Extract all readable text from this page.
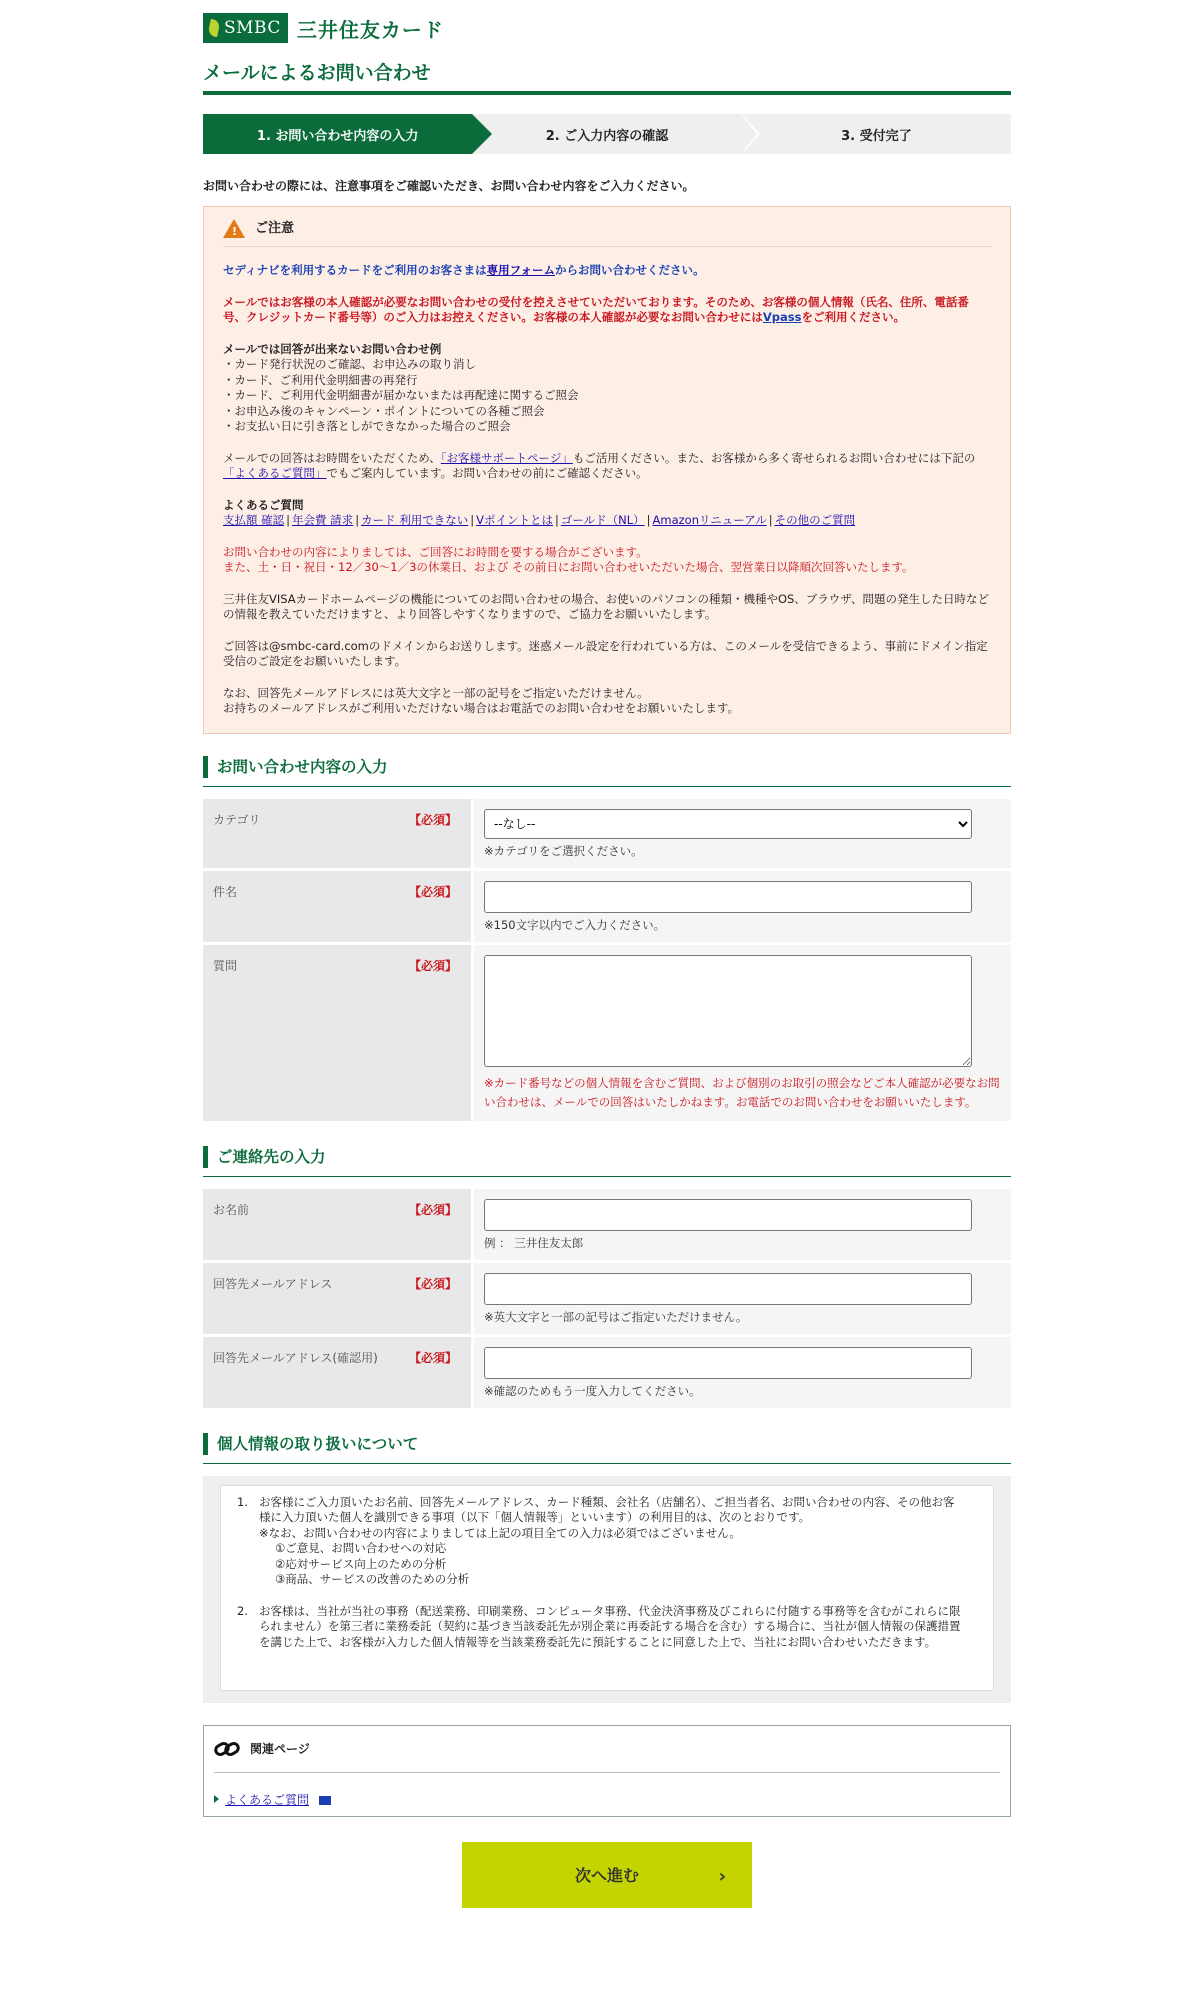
SMBC 三井住友カード
メールによるお問い合わせ
1. お問い合わせ内容の入力	2. ご入力内容の確認	3. 受付完了

お問い合わせの際には、注意事項をご確認いただき、お問い合わせ内容をご入力ください。

! ご注意

セディナビを利用するカードをご利用のお客さまは専用フォームからお問い合わせください。

メールではお客様の本人確認が必要なお問い合わせの受付を控えさせていただいております。そのため、お客様の個人情報（氏名、住所、電話番号、クレジットカード番号等）のご入力はお控えください。お客様の本人確認が必要なお問い合わせにはVpassをご利用ください。

メールでは回答が出来ないお問い合わせ例

・カード発行状況のご確認、お申込みの取り消し

・カード、ご利用代金明細書の再発行

・カード、ご利用代金明細書が届かないまたは再配達に関するご照会

・お申込み後のキャンペーン・ポイントについての各種ご照会

・お支払い日に引き落としができなかった場合のご照会

メールでの回答はお時間をいただくため、「お客様サポートページ」もご活用ください。また、お客様から多く寄せられるお問い合わせには下記の「よくあるご質問」でもご案内しています。お問い合わせの前にご確認ください。

よくあるご質問

支払額 確認 | 年会費 請求 | カード 利用できない | Vポイントとは | ゴールド（NL） | Amazonリニューアル | その他のご質問

お問い合わせの内容によりましては、ご回答にお時間を要する場合がございます。

また、土・日・祝日・12／30〜1／3の休業日、および その前日にお問い合わせいただいた場合、翌営業日以降順次回答いたします。

三井住友VISAカードホームページの機能についてのお問い合わせの場合、お使いのパソコンの種類・機種やOS、ブラウザ、問題の発生した日時などの情報を教えていただけますと、より回答しやすくなりますので、ご協力をお願いいたします。

ご回答は@smbc-card.comのドメインからお送りします。迷惑メール設定を行われている方は、このメールを受信できるよう、事前にドメイン指定受信のご設定をお願いいたします。

なお、回答先メールアドレスには英大文字と一部の記号をご指定いただけません。

お持ちのメールアドレスがご利用いただけない場合はお電話でのお問い合わせをお願いいたします。

お問い合わせ内容の入力
カテゴリ	【必須】
--なし--

※カテゴリをご選択ください。

件名	【必須】

※150文字以内でご入力ください。

質問	【必須】

※カード番号などの個人情報を含むご質問、および個別のお取引の照会などご本人確認が必要なお問い合わせは、メールでの回答はいたしかねます。お電話でのお問い合わせをお願いいたします。

ご連絡先の入力
お名前	【必須】

例 ： 三井住友太郎

回答先メールアドレス	【必須】

※英大文字と一部の記号はご指定いただけません。

回答先メールアドレス(確認用)	【必須】

※確認のためもう一度入力してください。

個人情報の取り扱いについて
1. お客様にご入力頂いたお名前、回答先メールアドレス、カード種類、会社名（店舗名）、ご担当者名、お問い合わせの内容、その他お客様に入力頂いた個人を識別できる事項（以下「個人情報等」といいます）の利用目的は、次のとおりです。

※なお、お問い合わせの内容によりましては上記の項目全ての入力は必須ではございません。

①ご意見、お問い合わせへの対応

②応対サービス向上のための分析

③商品、サービスの改善のための分析

2. お客様は、当社が当社の事務（配送業務、印刷業務、コンピュータ事務、代金決済事務及びこれらに付随する事務等を含むがこれらに限られません）を第三者に業務委託（契約に基づき当該委託先が別企業に再委託する場合を含む）する場合に、当社が個人情報の保護措置を講じた上で、お客様が入力した個人情報等を当該業務委託先に預託することに同意した上で、当社にお問い合わせいただきます。
関連ページ
よくあるご質問
次へ進む	›
